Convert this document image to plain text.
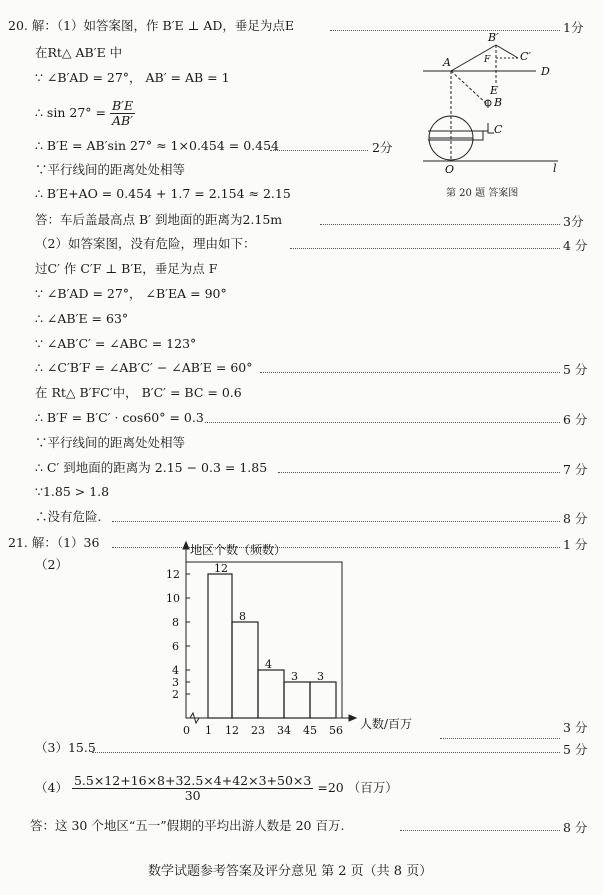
20. 解：（1）如答案图，作 B′E ⊥ AD，垂足为点E	1分
在Rt△ AB′E 中
∵ ∠B′AD = 27°， AB′ = AB = 1
∴ $\sin 27^\circ = \frac{B'E}{AB'}$
∴ B′E = AB′sin 27° ≈ 1×0.454 = 0.454	2分
∵平行线间的距离处处相等
∴ B′E+AO = 0.454 + 1.7 = 2.154 ≈ 2.15
答：车后盖最高点 B′ 到地面的距离为2.15m	3分
（2）如答案图，没有危险，理由如下：	4 分
过C′ 作 C′F ⊥ B′E，垂足为点 F
∵ ∠B′AD = 27°， ∠B′EA = 90°
∴ ∠AB′E = 63°
∵ ∠AB′C′ = ∠ABC = 123°
∴ ∠C′B′F = ∠AB′C′ − ∠AB′E = 60°	5 分
在 Rt△ B′FC′中， B′C′ = BC = 0.6
∴ B′F = B′C′ · cos60° = 0.3	6 分
∵平行线间的距离处处相等
∴ C′ 到地面的距离为 2.15 − 0.3 = 1.85	7 分
∵1.85 > 1.8
∴没有危险.	8 分
A
B′
F	C′
D
E
B
C
O	l
第 20 题 答案图
21. 解：（1）36	1 分
（2）	12
8
4
3 3
2
3
4
6
8
10
12
0 1 12 23 34 45 56
地区个数（频数）
人数/百万	3 分
（3）15.5	5 分
$(4) \frac{5.5\times 12+16\times 8+32.5\times 4+42\times 3+50\times 3}{30} =20$ （百万）
答：这 30 个地区“五一”假期的平均出游人数是 20 百万.	8 分
数学试题参考答案及评分意见 第 2 页（共 8 页）
